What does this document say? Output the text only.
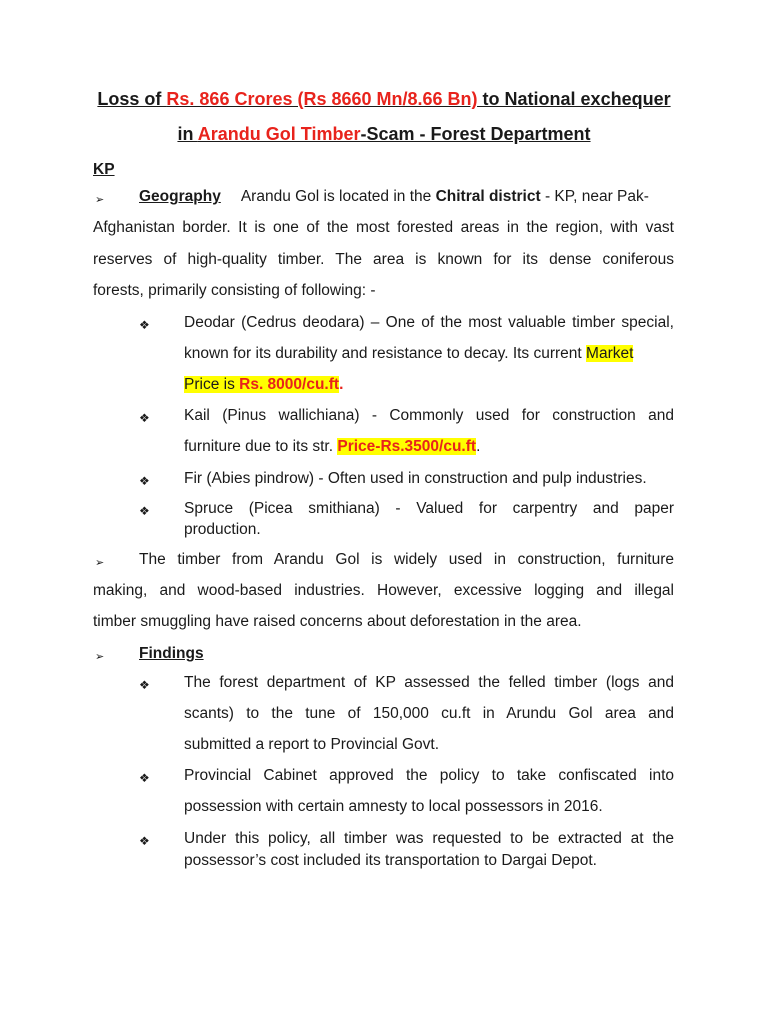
Loss of Rs. 866 Crores (Rs 8660 Mn/8.66 Bn) to National exchequer
in Arandu Gol Timber-Scam - Forest Department
KP
➢ Geography Arandu Gol is located in the Chitral district - KP, near Pak-
Afghanistan border. It is one of the most forested areas in the region, with vast
reserves of high-quality timber. The area is known for its dense coniferous
forests, primarily consisting of following: -
❖ Deodar (Cedrus deodara) – One of the most valuable timber special,
known for its durability and resistance to decay. Its current Market
Price is Rs. 8000/cu.ft.
❖ Kail (Pinus wallichiana) - Commonly used for construction and
furniture due to its str. Price-Rs.3500/cu.ft.
❖ Fir (Abies pindrow) - Often used in construction and pulp industries.
❖ Spruce (Picea smithiana) - Valued for carpentry and paper
production.
➢ The timber from Arandu Gol is widely used in construction, furniture
making, and wood-based industries. However, excessive logging and illegal
timber smuggling have raised concerns about deforestation in the area.
➢ Findings
❖ The forest department of KP assessed the felled timber (logs and
scants) to the tune of 150,000 cu.ft in Arundu Gol area and
submitted a report to Provincial Govt.
❖ Provincial Cabinet approved the policy to take confiscated into
possession with certain amnesty to local possessors in 2016.
❖ Under this policy, all timber was requested to be extracted at the
possessor’s cost included its transportation to Dargai Depot.
